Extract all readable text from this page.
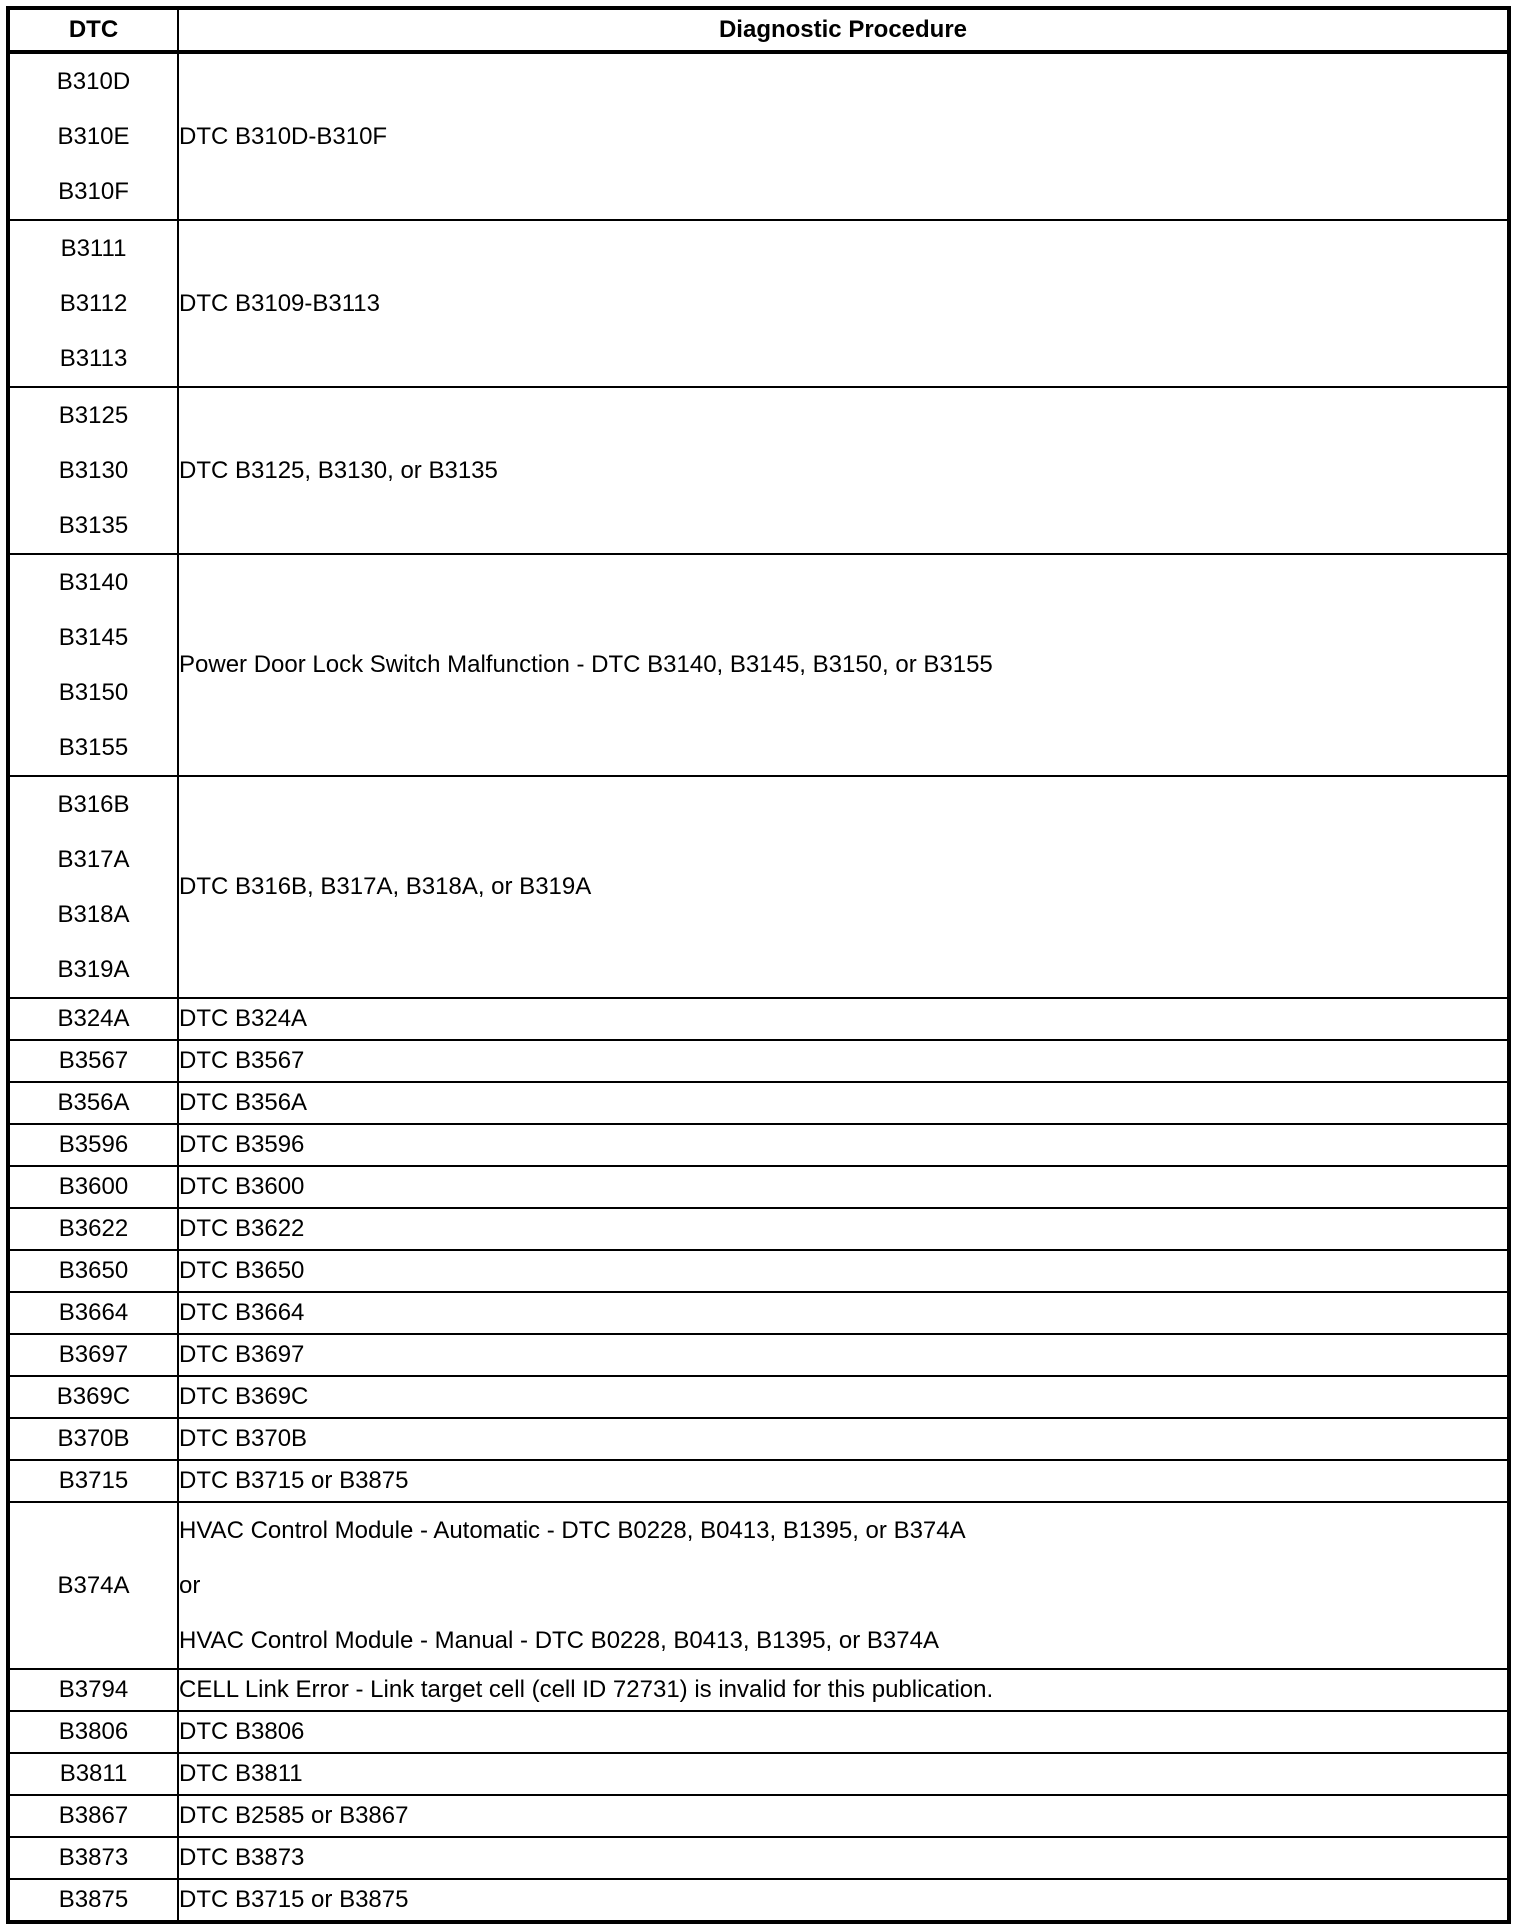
DTC	Diagnostic Procedure

B310D
B310E
B310F	DTC B310D-B310F

B3111
B3112
B3113	DTC B3109-B3113

B3125
B3130
B3135	DTC B3125, B3130, or B3135

B3140
B3145
B3150
B3155	Power Door Lock Switch Malfunction - DTC B3140, B3145, B3150, or B3155

B316B
B317A
B318A
B319A	DTC B316B, B317A, B318A, or B319A
B324A	DTC B324A
B3567	DTC B3567
B356A	DTC B356A
B3596	DTC B3596
B3600	DTC B3600
B3622	DTC B3622
B3650	DTC B3650
B3664	DTC B3664
B3697	DTC B3697
B369C	DTC B369C
B370B	DTC B370B
B3715	DTC B3715 or B3875

B374A	HVAC Control Module - Automatic - DTC B0228, B0413, B1395, or B374A
or
HVAC Control Module - Manual - DTC B0228, B0413, B1395, or B374A

B3794	CELL Link Error - Link target cell (cell ID 72731) is invalid for this publication.
B3806	DTC B3806
B3811	DTC B3811
B3867	DTC B2585 or B3867
B3873	DTC B3873
B3875	DTC B3715 or B3875
